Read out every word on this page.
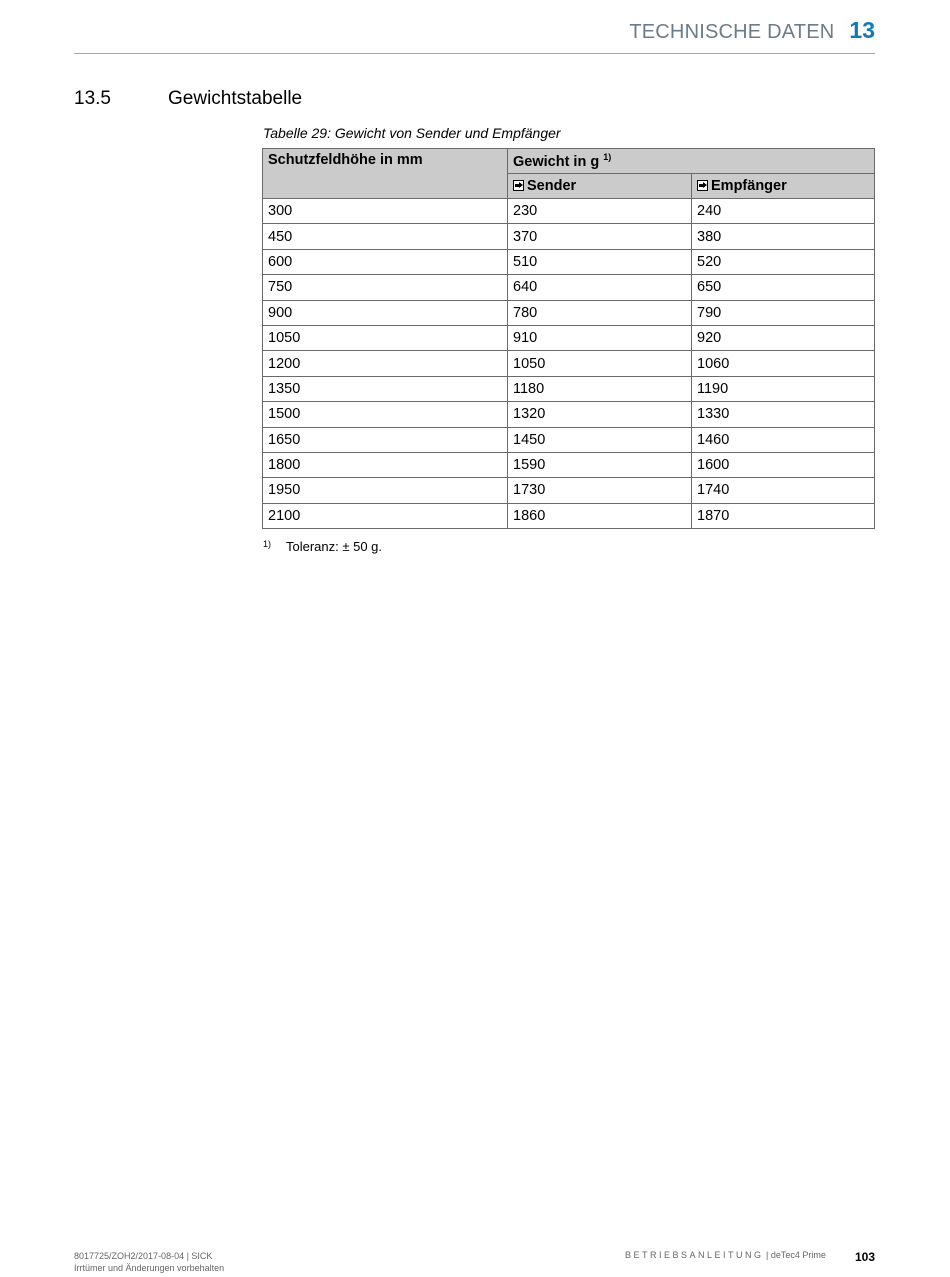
TECHNISCHE DATEN 13
13.5	Gewichtstabelle
Tabelle 29: Gewicht von Sender und Empfänger
Schutzfeldhöhe in mm	Gewicht in g $^{1)}$
	Sender	Empfänger
300	230	240
450	370	380
600	510	520
750	640	650
900	780	790
1050	910	920
1200	1050	1060
1350	1180	1190
1500	1320	1330
1650	1450	1460
1800	1590	1600
1950	1730	1740
2100	1860	1870
1)	Toleranz: ± 50 g.
8017725/ZOH2/2017-08-04 | SICK
Irrtümer und Änderungen vorbehalten
BETRIEBSANLEITUNG | deTec4 Prime 103
